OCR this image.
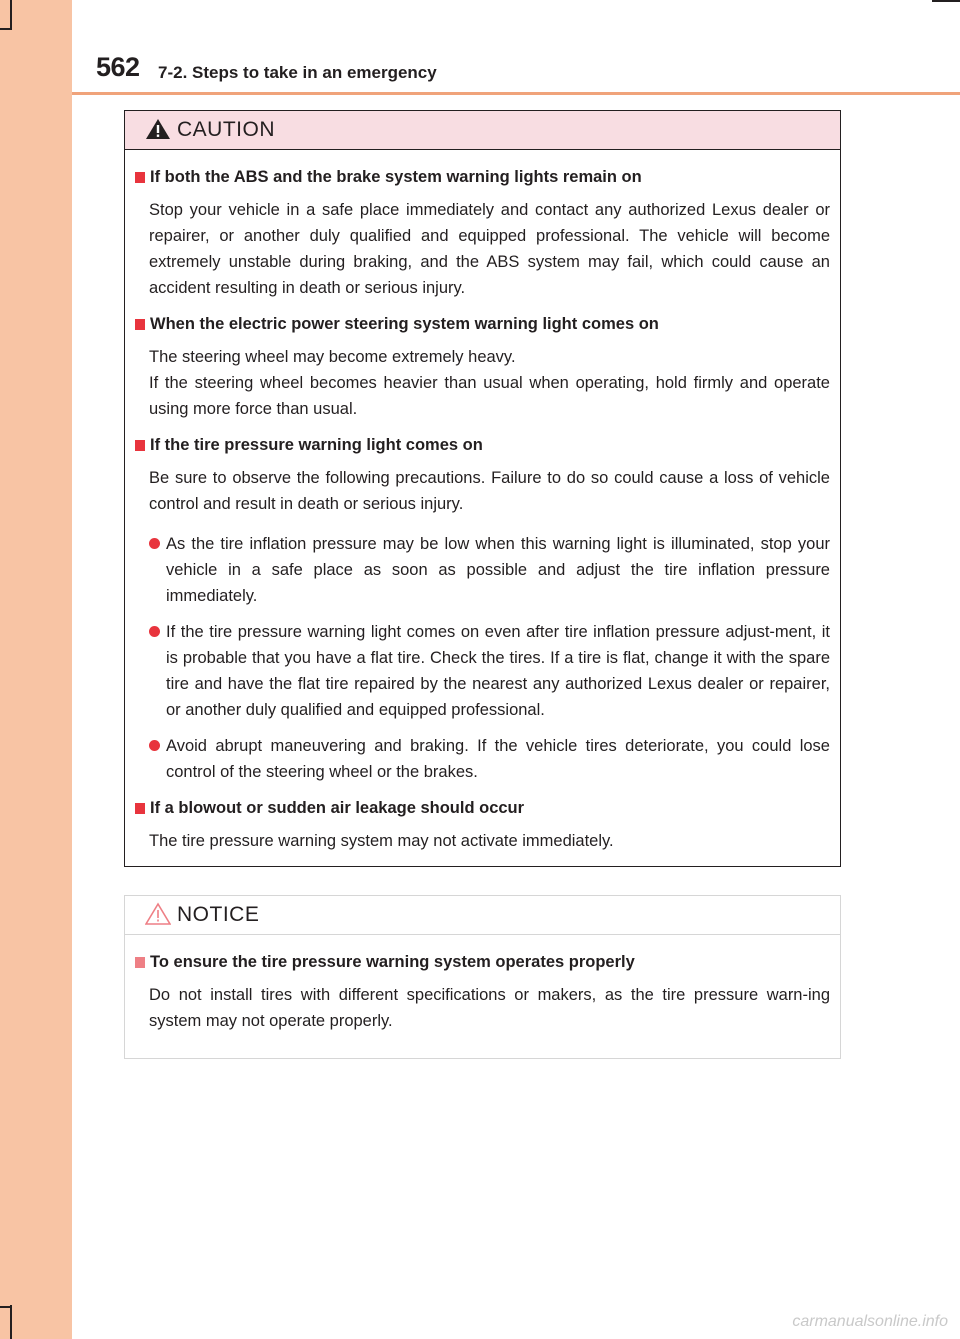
562 7-2. Steps to take in an emergency
CAUTION
If both the ABS and the brake system warning lights remain on

Stop your vehicle in a safe place immediately and contact any authorized Lexus dealer or repairer, or another duly qualified and equipped professional. The vehicle will become extremely unstable during braking, and the ABS system may fail, which could cause an accident resulting in death or serious injury.

When the electric power steering system warning light comes on

The steering wheel may become extremely heavy.
If the steering wheel becomes heavier than usual when operating, hold firmly and operate using more force than usual.

If the tire pressure warning light comes on

Be sure to observe the following precautions. Failure to do so could cause a loss of vehicle control and result in death or serious injury.

As the tire inflation pressure may be low when this warning light is illuminated, stop your vehicle in a safe place as soon as possible and adjust the tire inflation pressure immediately.
If the tire pressure warning light comes on even after tire inflation pressure adjust-ment, it is probable that you have a flat tire. Check the tires. If a tire is flat, change it with the spare tire and have the flat tire repaired by the nearest any authorized Lexus dealer or repairer, or another duly qualified and equipped professional.
Avoid abrupt maneuvering and braking. If the vehicle tires deteriorate, you could lose control of the steering wheel or the brakes.
If a blowout or sudden air leakage should occur

The tire pressure warning system may not activate immediately.

NOTICE
To ensure the tire pressure warning system operates properly

Do not install tires with different specifications or makers, as the tire pressure warn-ing system may not operate properly.

carmanualsonline.info
